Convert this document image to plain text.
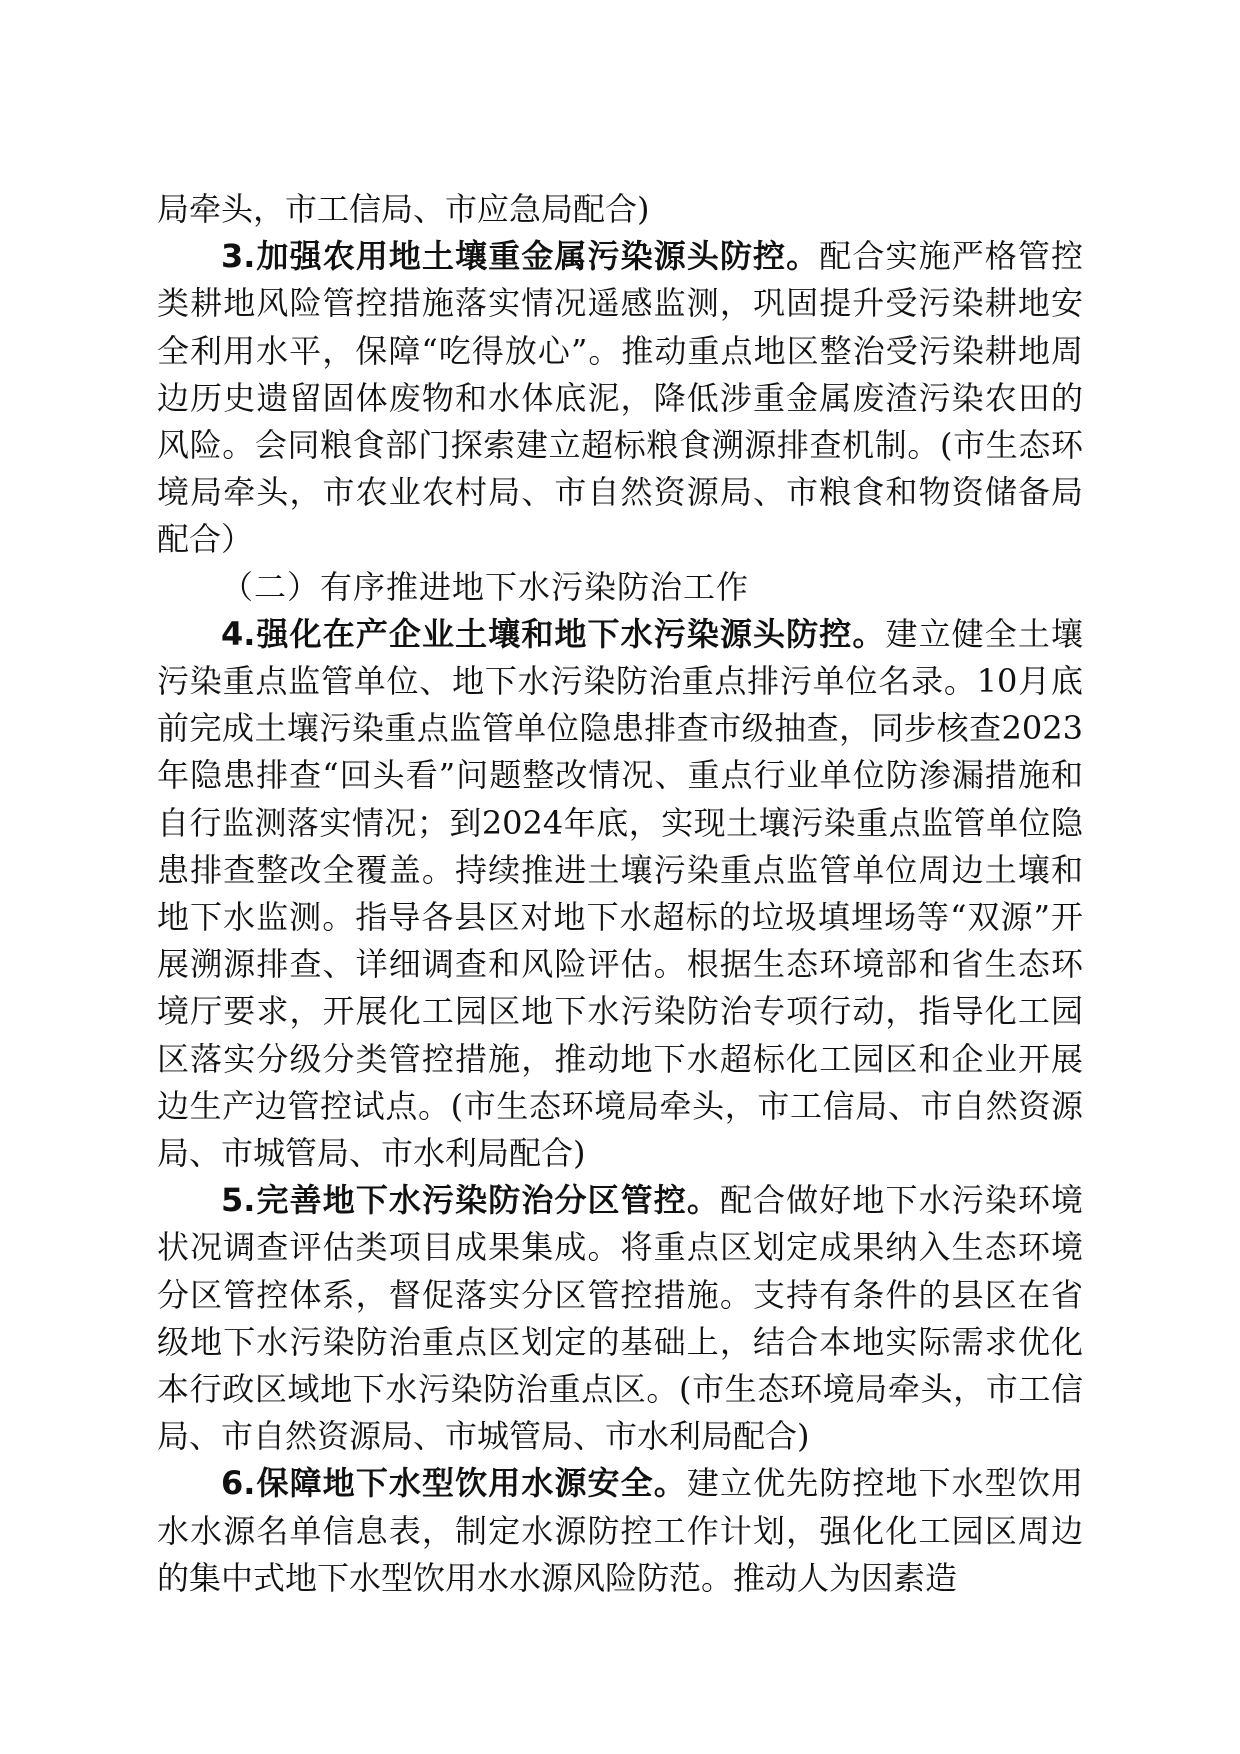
局牵头，市工信局、市应急局配合)

3.加强农用地土壤重金属污染源头防控。配合实施严格管控类耕地风险管控措施落实情况遥感监测，巩固提升受污染耕地安全利用水平，保障“吃得放心”。推动重点地区整治受污染耕地周边历史遗留固体废物和水体底泥，降低涉重金属废渣污染农田的风险。会同粮食部门探索建立超标粮食溯源排查机制。(市生态环境局牵头，市农业农村局、市自然资源局、市粮食和物资储备局配合）

（二）有序推进地下水污染防治工作

4.强化在产企业土壤和地下水污染源头防控。建立健全土壤污染重点监管单位、地下水污染防治重点排污单位名录。10月底前完成土壤污染重点监管单位隐患排查市级抽查，同步核查2023年隐患排查“回头看”问题整改情况、重点行业单位防渗漏措施和自行监测落实情况；到2024年底，实现土壤污染重点监管单位隐患排查整改全覆盖。持续推进土壤污染重点监管单位周边土壤和地下水监测。指导各县区对地下水超标的垃圾填埋场等“双源”开展溯源排查、详细调查和风险评估。根据生态环境部和省生态环境厅要求，开展化工园区地下水污染防治专项行动，指导化工园区落实分级分类管控措施，推动地下水超标化工园区和企业开展边生产边管控试点。(市生态环境局牵头，市工信局、市自然资源局、市城管局、市水利局配合)

5.完善地下水污染防治分区管控。配合做好地下水污染环境状况调查评估类项目成果集成。将重点区划定成果纳入生态环境分区管控体系，督促落实分区管控措施。支持有条件的县区在省级地下水污染防治重点区划定的基础上，结合本地实际需求优化本行政区域地下水污染防治重点区。(市生态环境局牵头，市工信局、市自然资源局、市城管局、市水利局配合)

6.保障地下水型饮用水源安全。建立优先防控地下水型饮用水水源名单信息表，制定水源防控工作计划，强化化工园区周边的集中式地下水型饮用水水源风险防范。推动人为因素造
